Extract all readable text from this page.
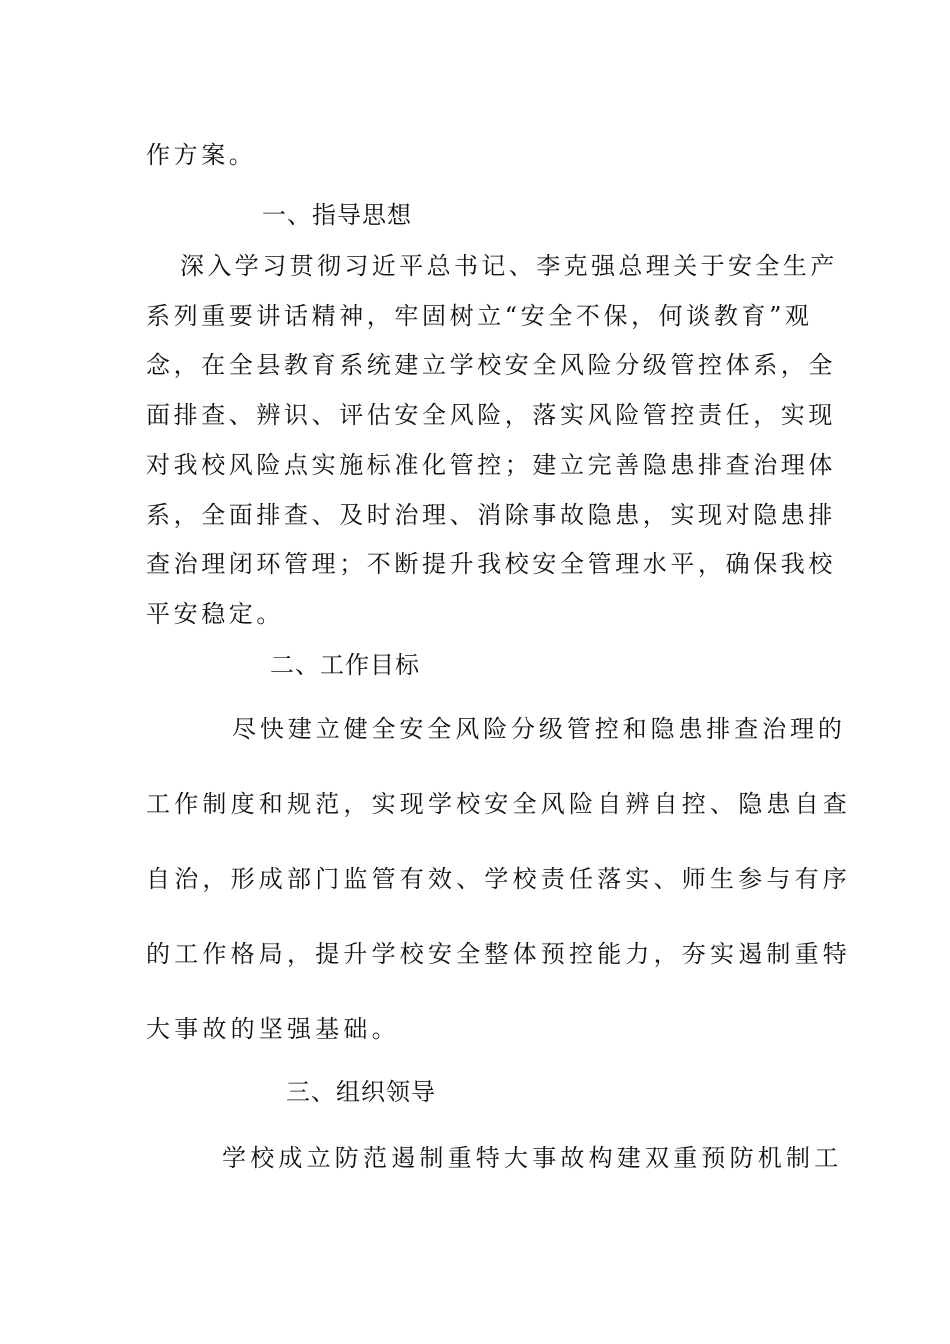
作方案。

一、指导思想

深入学习贯彻习近平总书记、李克强总理关于安全生产

系列重要讲话精神，牢固树立“安全不保，何谈教育”观

念，在全县教育系统建立学校安全风险分级管控体系，全

面排查、辨识、评估安全风险，落实风险管控责任，实现

对我校风险点实施标准化管控；建立完善隐患排查治理体

系，全面排查、及时治理、消除事故隐患，实现对隐患排

查治理闭环管理；不断提升我校安全管理水平，确保我校

平安稳定。

二、工作目标

尽快建立健全安全风险分级管控和隐患排查治理的

工作制度和规范，实现学校安全风险自辨自控、隐患自查

自治，形成部门监管有效、学校责任落实、师生参与有序

的工作格局，提升学校安全整体预控能力，夯实遏制重特

大事故的坚强基础。

三、组织领导

学校成立防范遏制重特大事故构建双重预防机制工
